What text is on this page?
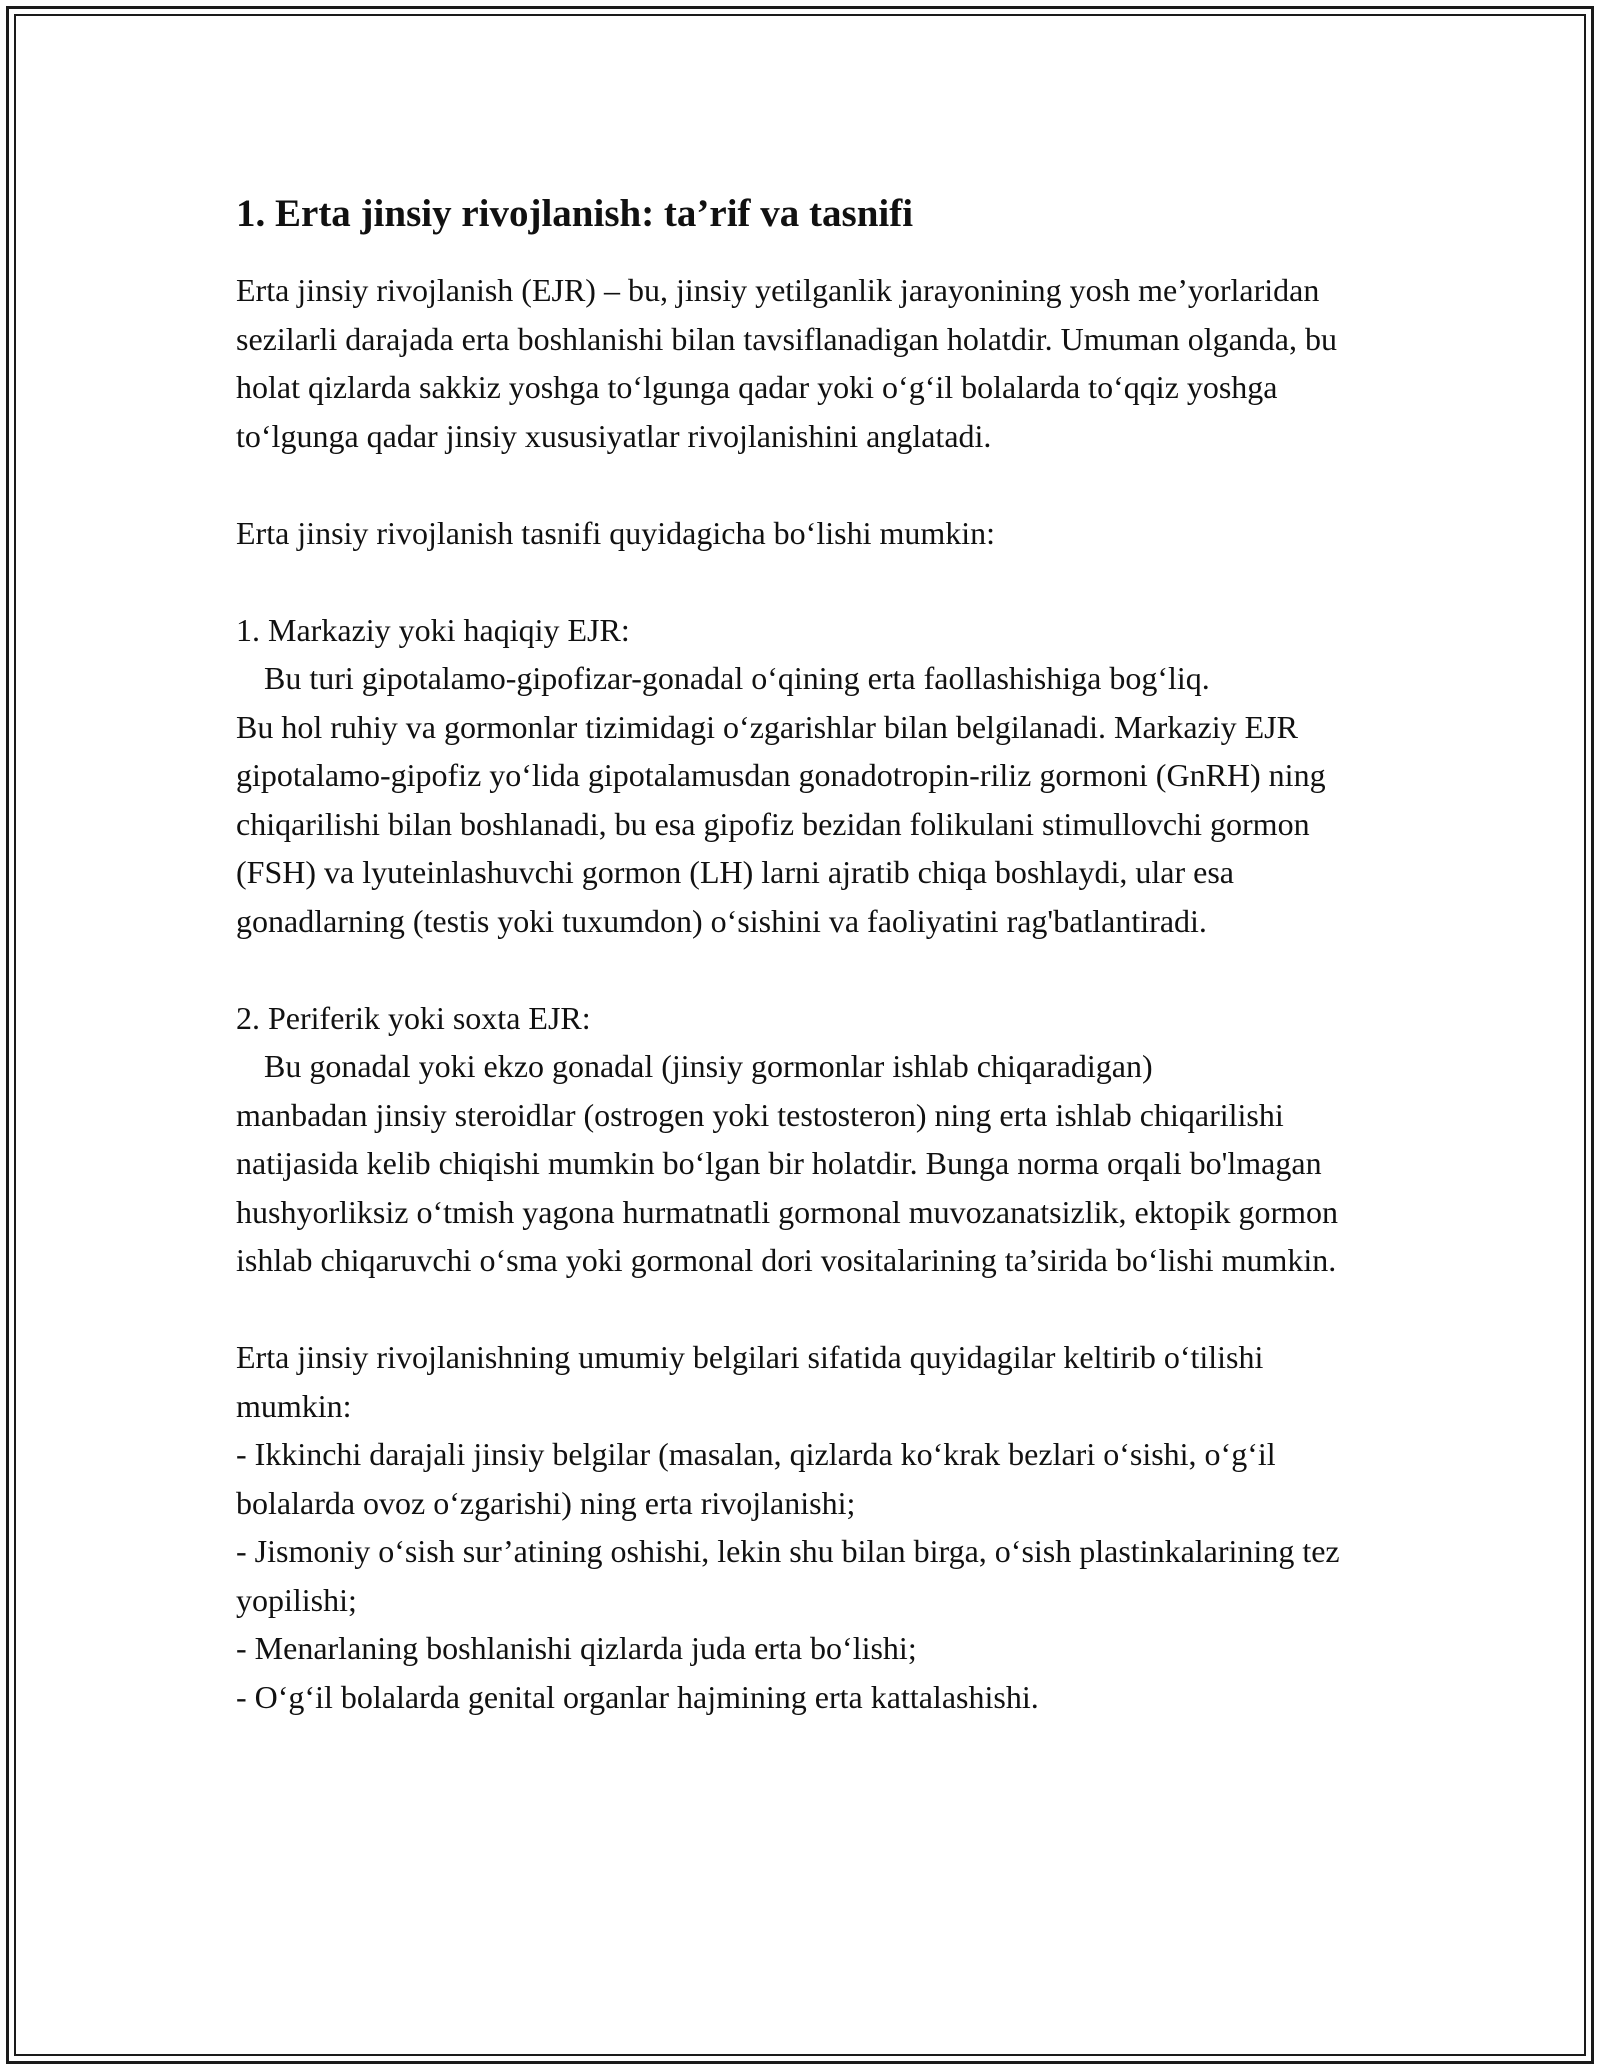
1. Erta jinsiy rivojlanish: ta’rif va tasnifi

Erta jinsiy rivojlanish (EJR) – bu, jinsiy yetilganlik jarayonining yosh me’yorlaridan sezilarli darajada erta boshlanishi bilan tavsiflanadigan holatdir. Umuman olganda, bu holat qizlarda sakkiz yoshga to‘lgunga qadar yoki o‘g‘il bolalarda to‘qqiz yoshga to‘lgunga qadar jinsiy xususiyatlar rivojlanishini anglatadi.

Erta jinsiy rivojlanish tasnifi quyidagicha bo‘lishi mumkin:

1. Markaziy yoki haqiqiy EJR:

Bu turi gipotalamo-gipofizar-gonadal o‘qining erta faollashishiga bog‘liq.

Bu hol ruhiy va gormonlar tizimidagi o‘zgarishlar bilan belgilanadi. Markaziy EJR gipotalamo-gipofiz yo‘lida gipotalamusdan gonadotropin-riliz gormoni (GnRH) ning chiqarilishi bilan boshlanadi, bu esa gipofiz bezidan folikulani stimullovchi gormon (FSH) va lyuteinlashuvchi gormon (LH) larni ajratib chiqa boshlaydi, ular esa gonadlarning (testis yoki tuxumdon) o‘sishini va faoliyatini rag'batlantiradi.

2. Periferik yoki soxta EJR:

Bu gonadal yoki ekzo gonadal (jinsiy gormonlar ishlab chiqaradigan)

manbadan jinsiy steroidlar (ostrogen yoki testosteron) ning erta ishlab chiqarilishi natijasida kelib chiqishi mumkin bo‘lgan bir holatdir. Bunga norma orqali bo'lmagan hushyorliksiz o‘tmish yagona hurmatnatli gormonal muvozanatsizlik, ektopik gormon ishlab chiqaruvchi o‘sma yoki gormonal dori vositalarining ta’sirida bo‘lishi mumkin.

Erta jinsiy rivojlanishning umumiy belgilari sifatida quyidagilar keltirib o‘tilishi mumkin:

- Ikkinchi darajali jinsiy belgilar (masalan, qizlarda ko‘krak bezlari o‘sishi, o‘g‘il bolalarda ovoz o‘zgarishi) ning erta rivojlanishi;

- Jismoniy o‘sish sur’atining oshishi, lekin shu bilan birga, o‘sish plastinkalarining tez yopilishi;

- Menarlaning boshlanishi qizlarda juda erta bo‘lishi;

- O‘g‘il bolalarda genital organlar hajmining erta kattalashishi.
